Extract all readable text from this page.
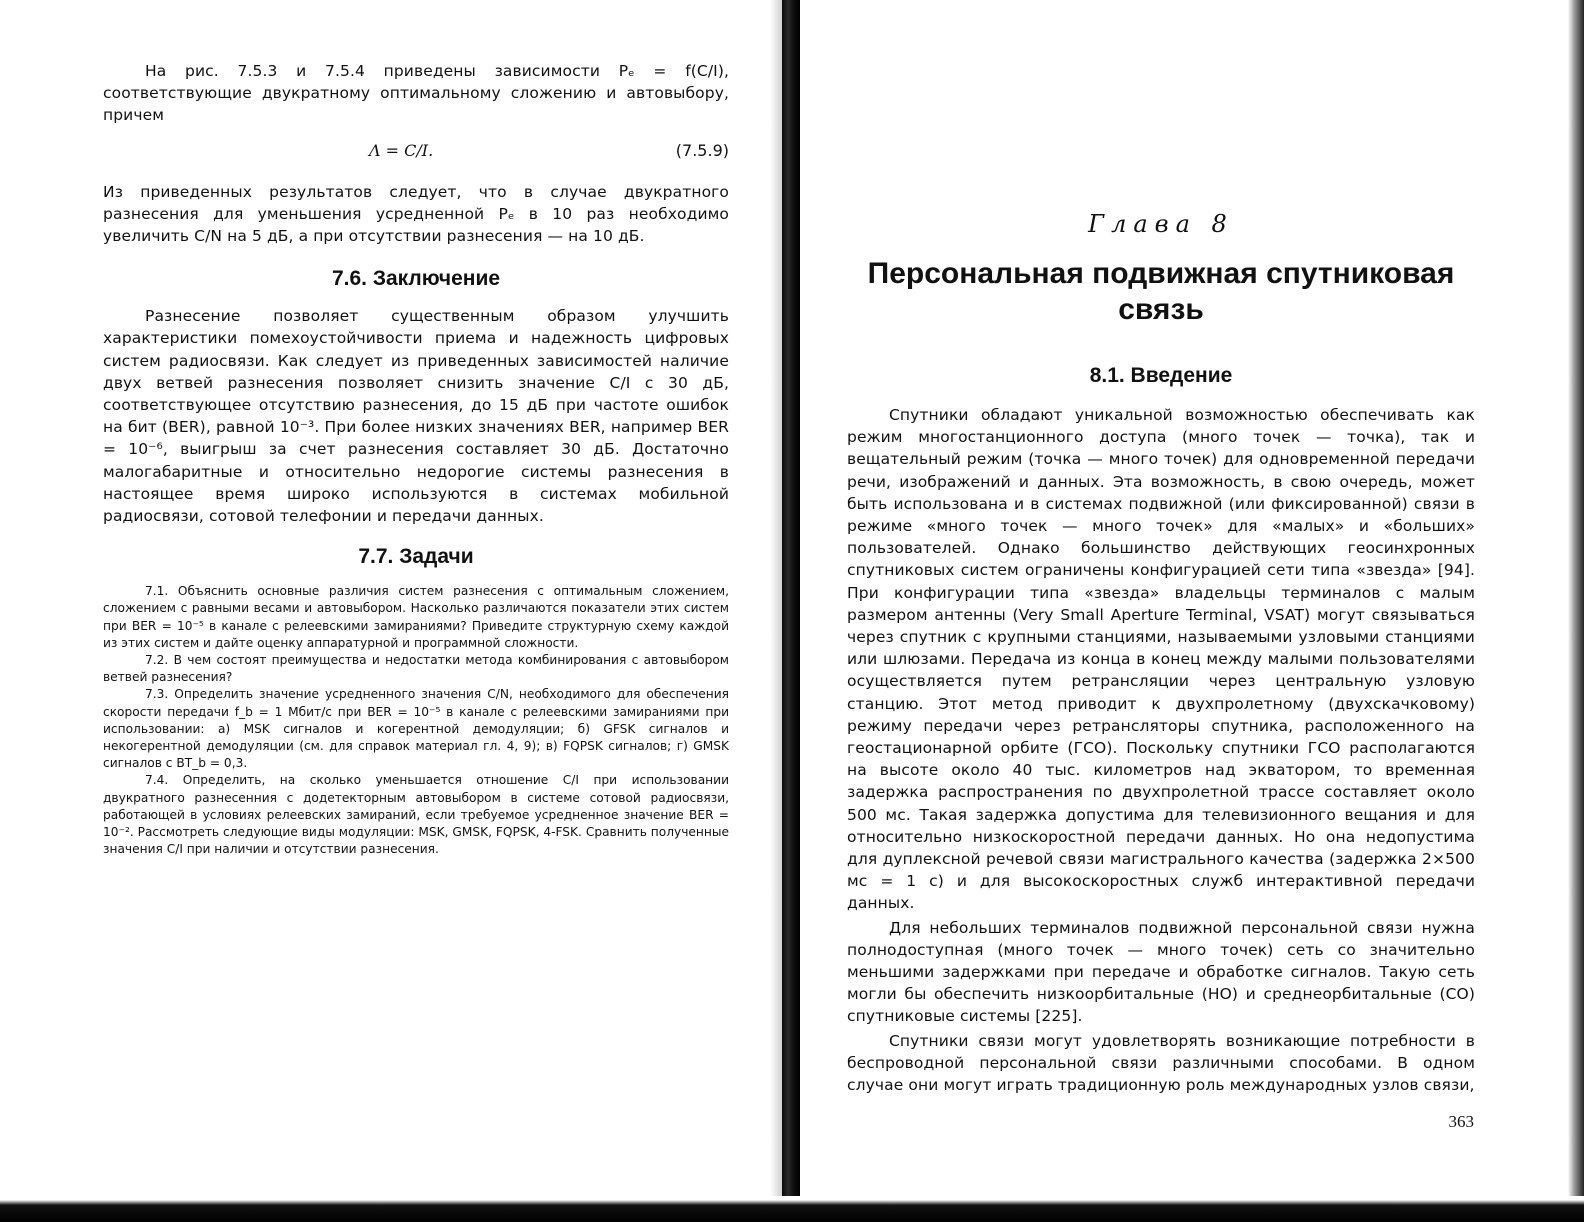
На рис. 7.5.3 и 7.5.4 приведены зависимости Pₑ = f(C/I), соответствующие двукратному оптимальному сложению и автовыбору, причем

Λ = C/I.	(7.5.9)

Из приведенных результатов следует, что в случае двукратного разнесения для уменьшения усредненной Pₑ в 10 раз необходимо увеличить C/N на 5 дБ, а при отсутствии разнесения — на 10 дБ.

7.6. Заключение

Разнесение позволяет существенным образом улучшить характеристики помехоустойчивости приема и надежность цифровых систем радиосвязи. Как следует из приведенных зависимостей наличие двух ветвей разнесения позволяет снизить значение C/I с 30 дБ, соответствующее отсутствию разнесения, до 15 дБ при частоте ошибок на бит (BER), равной 10⁻³. При более низких значениях BER, например BER = 10⁻⁶, выигрыш за счет разнесения составляет 30 дБ. Достаточно малогабаритные и относительно недорогие системы разнесения в настоящее время широко используются в системах мобильной радиосвязи, сотовой телефонии и передачи данных.

7.7. Задачи

7.1. Объяснить основные различия систем разнесения с оптимальным сложением, сложением с равными весами и автовыбором. Насколько различаются показатели этих систем при BER = 10⁻⁵ в канале с релеевскими замираниями? Приведите структурную схему каждой из этих систем и дайте оценку аппаратурной и программной сложности.

7.2. В чем состоят преимущества и недостатки метода комбинирования с автовыбором ветвей разнесения?

7.3. Определить значение усредненного значения C/N, необходимого для обеспечения скорости передачи f_b = 1 Мбит/с при BER = 10⁻⁵ в канале с релеевскими замираниями при использовании: а) MSK сигналов и когерентной демодуляции; б) GFSK сигналов и некогерентной демодуляции (см. для справок материал гл. 4, 9); в) FQPSK сигналов; г) GMSK сигналов с BT_b = 0,3.

7.4. Определить, на сколько уменьшается отношение C/I при использовании двукратного разнесенния с додетекторным автовыбором в системе сотовой радиосвязи, работающей в условиях релеевских замираний, если требуемое усредненное значение BER = 10⁻². Рассмотреть следующие виды модуляции: MSK, GMSK, FQPSK, 4-FSK. Сравнить полученные значения C/I при наличии и отсутствии разнесения.

Глава 8
Персональная подвижная спутниковая связь
8.1. Введение

Спутники обладают уникальной возможностью обеспечивать как режим многостанционного доступа (много точек — точка), так и вещательный режим (точка — много точек) для одновременной передачи речи, изображений и данных. Эта возможность, в свою очередь, может быть использована и в системах подвижной (или фиксированной) связи в режиме «много точек — много точек» для «малых» и «больших» пользователей. Однако большинство действующих геосинхронных спутниковых систем ограничены конфигурацией сети типа «звезда» [94]. При конфигурации типа «звезда» владельцы терминалов с малым размером антенны (Very Small Aperture Terminal, VSAT) могут связываться через спутник с крупными станциями, называемыми узловыми станциями или шлюзами. Передача из конца в конец между малыми пользователями осуществляется путем ретрансляции через центральную узловую станцию. Этот метод приводит к двухпролетному (двухскачковому) режиму передачи через ретрансляторы спутника, расположенного на геостационарной орбите (ГСО). Поскольку спутники ГСО располагаются на высоте около 40 тыс. километров над экватором, то временная задержка распространения по двухпролетной трассе составляет около 500 мс. Такая задержка допустима для телевизионного вещания и для относительно низкоскоростной передачи данных. Но она недопустима для дуплексной речевой связи магистрального качества (задержка 2×500 мс = 1 с) и для высокоскоростных служб интерактивной передачи данных.

Для небольших терминалов подвижной персональной связи нужна полнодоступная (много точек — много точек) сеть со значительно меньшими задержками при передаче и обработке сигналов. Такую сеть могли бы обеспечить низкоорбитальные (НО) и среднеорбитальные (СО) спутниковые системы [225].

Спутники связи могут удовлетворять возникающие потребности в беспроводной персональной связи различными способами. В одном случае они могут играть традиционную роль международных узлов связи,

363
